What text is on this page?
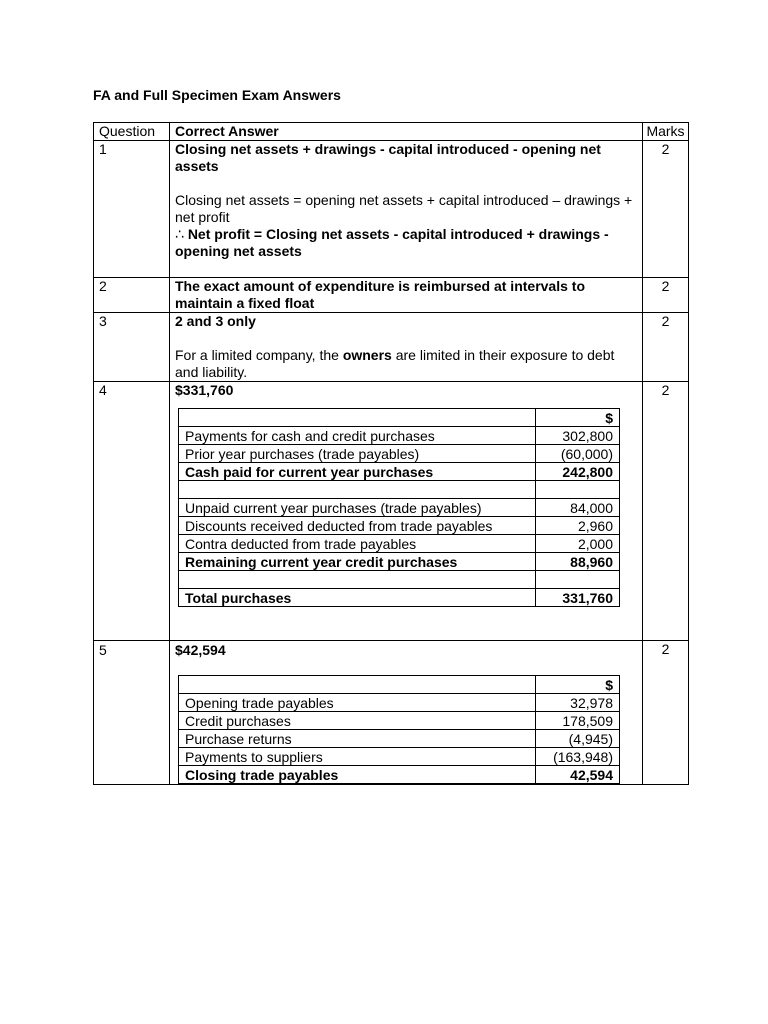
FA and Full Specimen Exam Answers
Question	Correct Answer	Marks
1	Closing net assets + drawings - capital introduced - opening net assets

Closing net assets = opening net assets + capital introduced – drawings + net profit

∴ Net profit = Closing net assets - capital introduced + drawings - opening net assets

	2
2	The exact amount of expenditure is reimbursed at intervals to maintain a fixed float	2
3	2 and 3 only

For a limited company, the owners are limited in their exposure to debt and liability.

	2
4	$331,760

	$
Payments for cash and credit purchases	302,800
Prior year purchases (trade payables)	(60,000)
Cash paid for current year purchases	242,800

Unpaid current year purchases (trade payables)	84,000
Discounts received deducted from trade payables	2,960
Contra deducted from trade payables	2,000
Remaining current year credit purchases	88,960

Total purchases	331,760
	2
5	$42,594

	$
Opening trade payables	32,978
Credit purchases	178,509
Purchase returns	(4,945)
Payments to suppliers	(163,948)
Closing trade payables	42,594
	2
